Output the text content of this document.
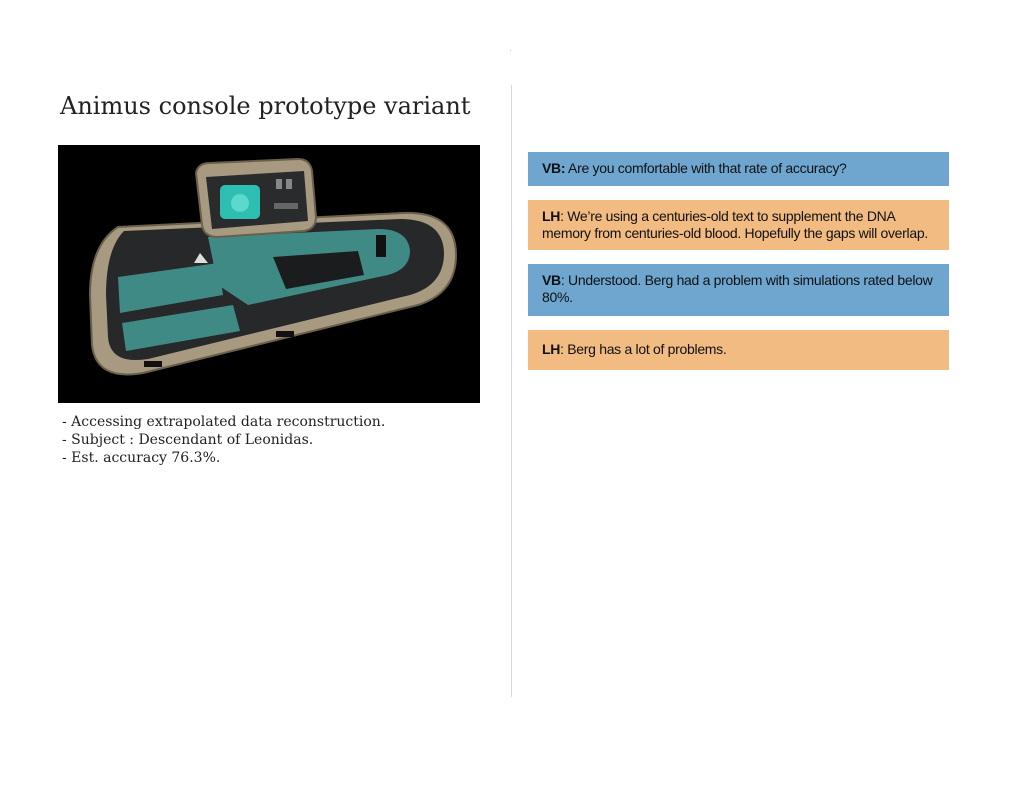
Animus console prototype variant
- Accessing extrapolated data reconstruction.
- Subject : Descendant of Leonidas.
- Est. accuracy 76.3%.
VB: Are you comfortable with that rate of accuracy?
LH: We’re using a centuries-old text to supplement the DNA memory from centuries-old blood. Hopefully the gaps will overlap.
VB: Understood. Berg had a problem with simulations rated below 80%.
LH: Berg has a lot of problems.
